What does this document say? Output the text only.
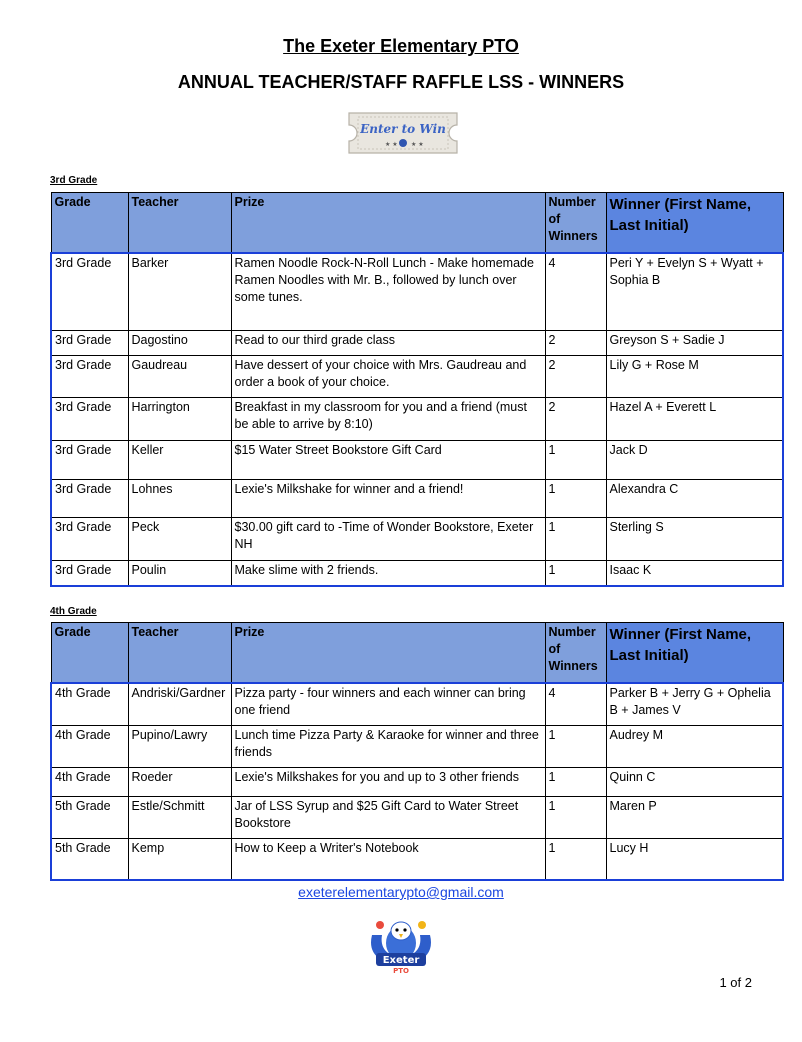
The Exeter Elementary PTO
ANNUAL TEACHER/STAFF RAFFLE LSS - WINNERS
Enter to Win
★ ★ ★ ★
3rd Grade
Grade	Teacher	Prize	Number of Winners	Winner (First Name, Last Initial)
3rd Grade	Barker	Ramen Noodle Rock-N-Roll Lunch - Make homemade Ramen Noodles with Mr. B., followed by lunch over some tunes.	4	Peri Y + Evelyn S + Wyatt + Sophia B
3rd Grade	Dagostino	Read to our third grade class	2	Greyson S + Sadie J
3rd Grade	Gaudreau	Have dessert of your choice with Mrs. Gaudreau and order a book of your choice.	2	Lily G + Rose M
3rd Grade	Harrington	Breakfast in my classroom for you and a friend (must be able to arrive by 8:10)	2	Hazel A + Everett L
3rd Grade	Keller	$15 Water Street Bookstore Gift Card	1	Jack D
3rd Grade	Lohnes	Lexie's Milkshake for winner and a friend!	1	Alexandra C
3rd Grade	Peck	$30.00 gift card to -Time of Wonder Bookstore, Exeter NH	1	Sterling S
3rd Grade	Poulin	Make slime with 2 friends.	1	Isaac K
4th Grade
Grade	Teacher	Prize	Number of Winners	Winner (First Name, Last Initial)
4th Grade	Andriski/Gardner	Pizza party - four winners and each winner can bring one friend	4	Parker B + Jerry G + Ophelia B + James V
4th Grade	Pupino/Lawry	Lunch time Pizza Party & Karaoke for winner and three friends	1	Audrey M
4th Grade	Roeder	Lexie's Milkshakes for you and up to 3 other friends	1	Quinn C
5th Grade	Estle/Schmitt	Jar of LSS Syrup and $25 Gift Card to Water Street Bookstore	1	Maren P
5th Grade	Kemp	How to Keep a Writer's Notebook	1	Lucy H
exeterelementarypto@gmail.com
Exeter
PTO
1 of 2
